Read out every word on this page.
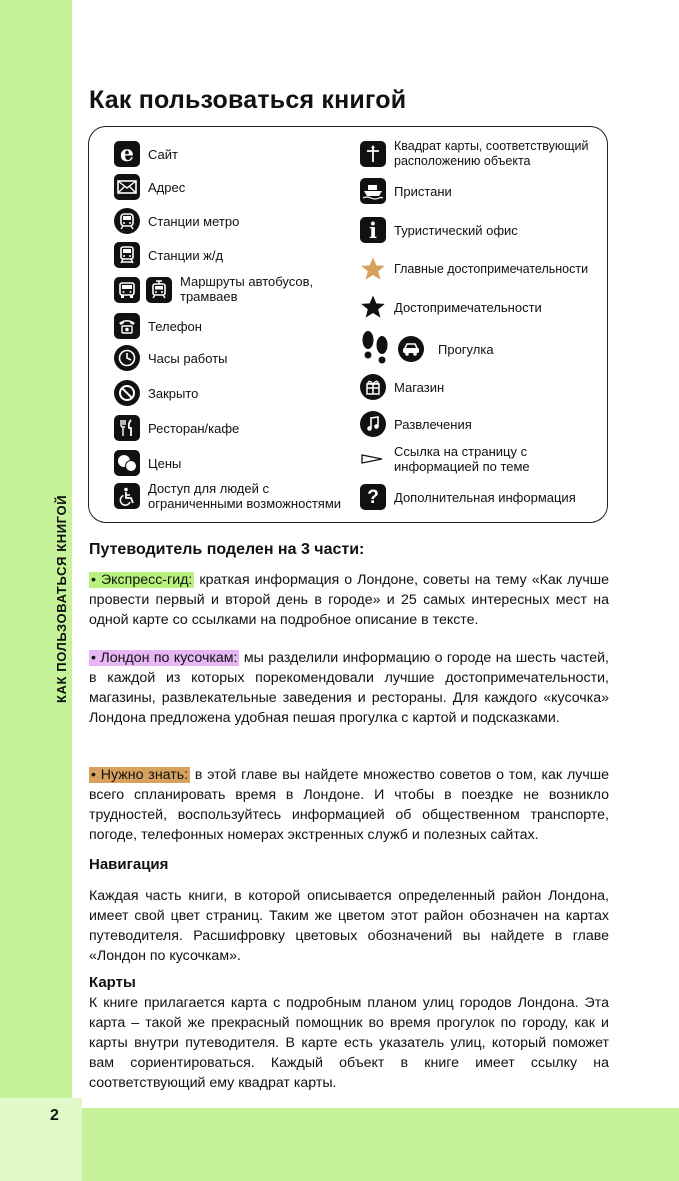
КАК ПОЛЬЗОВАТЬСЯ КНИГОЙ
2
Как пользоваться книгой
e	Сайт
Адрес
Станции метро
Станции ж/д
Маршруты автобусов, трамваев
Телефон
Часы работы
Закрыто
Ресторан/кафе
Цены
Доступ для людей с ограниченными возможностями
Квадрат карты, соответствующий расположению объекта
Пристани
i	Туристический офис
Главные достопримечательности
Достопримечательности
Прогулка
Магазин
Развлечения
Ссылка на страницу с информацией по теме
?	Дополнительная информация
Путеводитель поделен на 3 части:
• Экспресс-гид: краткая информация о Лондоне, советы на тему «Как лучше провести первый и второй день в городе» и 25 самых интересных мест на одной карте со ссылками на подробное описание в тексте.
• Лондон по кусочкам: мы разделили информацию о городе на шесть частей, в каждой из которых порекомендовали лучшие достопримечательности, магазины, развлекательные заведения и рестораны. Для каждого «кусочка» Лондона предложена удобная пешая прогулка с картой и подсказками.
• Нужно знать: в этой главе вы найдете множество советов о том, как лучше всего спланировать время в Лондоне. И чтобы в поездке не возникло трудностей, воспользуйтесь информацией об общественном транспорте, погоде, телефонных номерах экстренных служб и полезных сайтах.
Навигация
Каждая часть книги, в которой описывается определенный район Лондона, имеет свой цвет страниц. Таким же цветом этот район обозначен на картах путеводителя. Расшифровку цветовых обозначений вы найдете в главе «Лондон по кусочкам».
Карты
К книге прилагается карта с подробным планом улиц городов Лондона. Эта карта – такой же прекрасный помощник во время прогулок по городу, как и карты внутри путеводителя. В карте есть указатель улиц, который поможет вам сориентироваться. Каждый объект в книге имеет ссылку на соответствующий ему квадрат карты.
